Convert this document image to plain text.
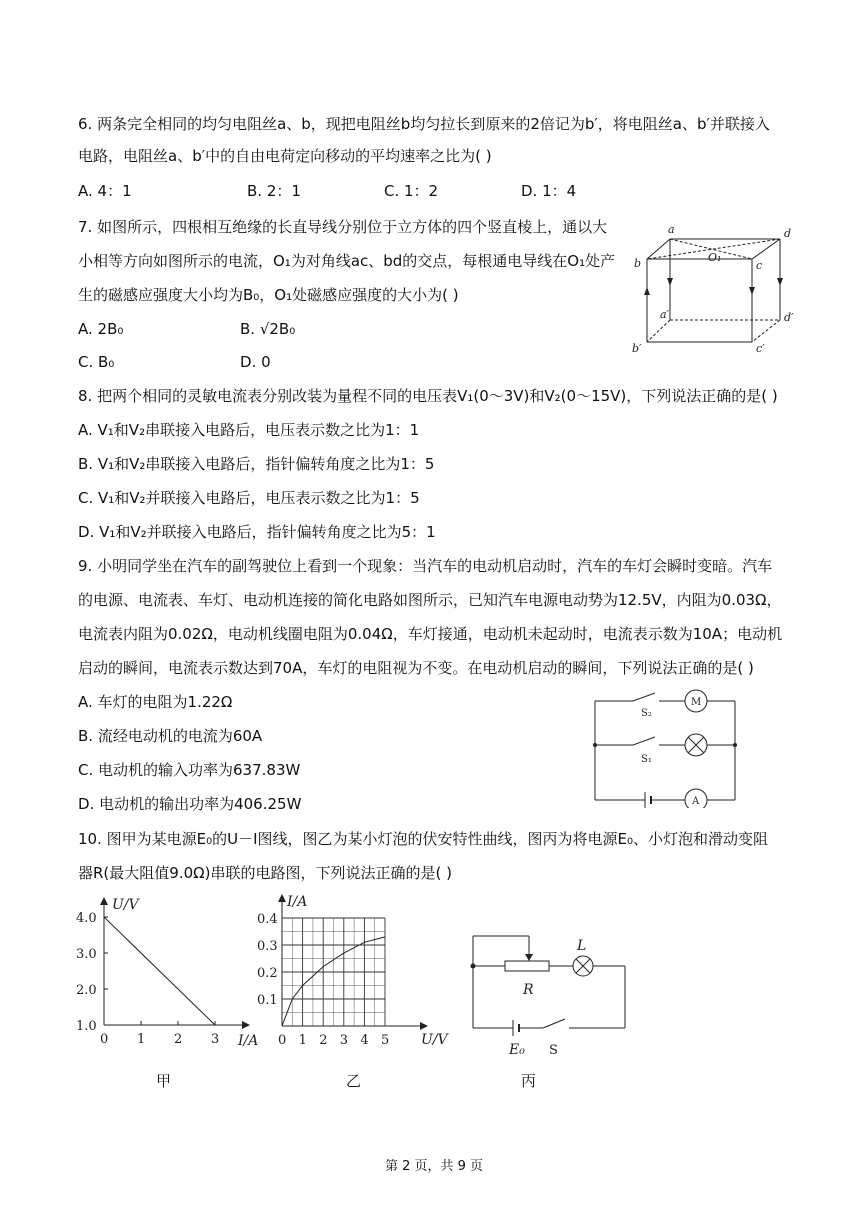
6. 两条完全相同的均匀电阻丝a、b，现把电阻丝b均匀拉长到原来的2倍记为b′，将电阻丝a、b′并联接入
电路，电阻丝a、b′中的自由电荷定向移动的平均速率之比为( )
A. 4：1	B. 2：1	C. 1：2	D. 1：4
7. 如图所示，四根相互绝缘的长直导线分别位于立方体的四个竖直棱上，通以大
小相等方向如图所示的电流，O₁为对角线ac、bd的交点，每根通电导线在O₁处产
生的磁感应强度大小均为B₀，O₁处磁感应强度的大小为( )
A. 2B₀	B. √2B₀
C. B₀	D. 0
a	d
b	c
O₁
a′	d′
b′	c′
8. 把两个相同的灵敏电流表分别改装为量程不同的电压表V₁(0～3V)和V₂(0～15V)，下列说法正确的是( )
A. V₁和V₂串联接入电路后，电压表示数之比为1：1
B. V₁和V₂串联接入电路后，指针偏转角度之比为1：5
C. V₁和V₂并联接入电路后，电压表示数之比为1：5
D. V₁和V₂并联接入电路后，指针偏转角度之比为5：1
9. 小明同学坐在汽车的副驾驶位上看到一个现象：当汽车的电动机启动时，汽车的车灯会瞬时变暗。汽车
的电源、电流表、车灯、电动机连接的简化电路如图所示，已知汽车电源电动势为12.5V，内阻为0.03Ω，
电流表内阻为0.02Ω，电动机线圈电阻为0.04Ω，车灯接通，电动机未起动时，电流表示数为10A；电动机
启动的瞬间，电流表示数达到70A，车灯的电阻视为不变。在电动机启动的瞬间，下列说法正确的是( )
A. 车灯的电阻为1.22Ω
B. 流经电动机的电流为60A
C. 电动机的输入功率为637.83W
D. 电动机的输出功率为406.25W
S₂
M
S₁
A
10. 图甲为某电源E₀的U－I图线，图乙为某小灯泡的伏安特性曲线，图丙为将电源E₀、小灯泡和滑动变阻
器R(最大阻值9.0Ω)串联的电路图，下列说法正确的是( )
4.0
3.0
2.0
1.0
0 1 2 3
U/V
I/A
甲
0.4
0.3
0.2
0.1
0 1 2 3 4 5
I/A
U/V
乙
L
R
E₀ S
丙
第 2 页，共 9 页
